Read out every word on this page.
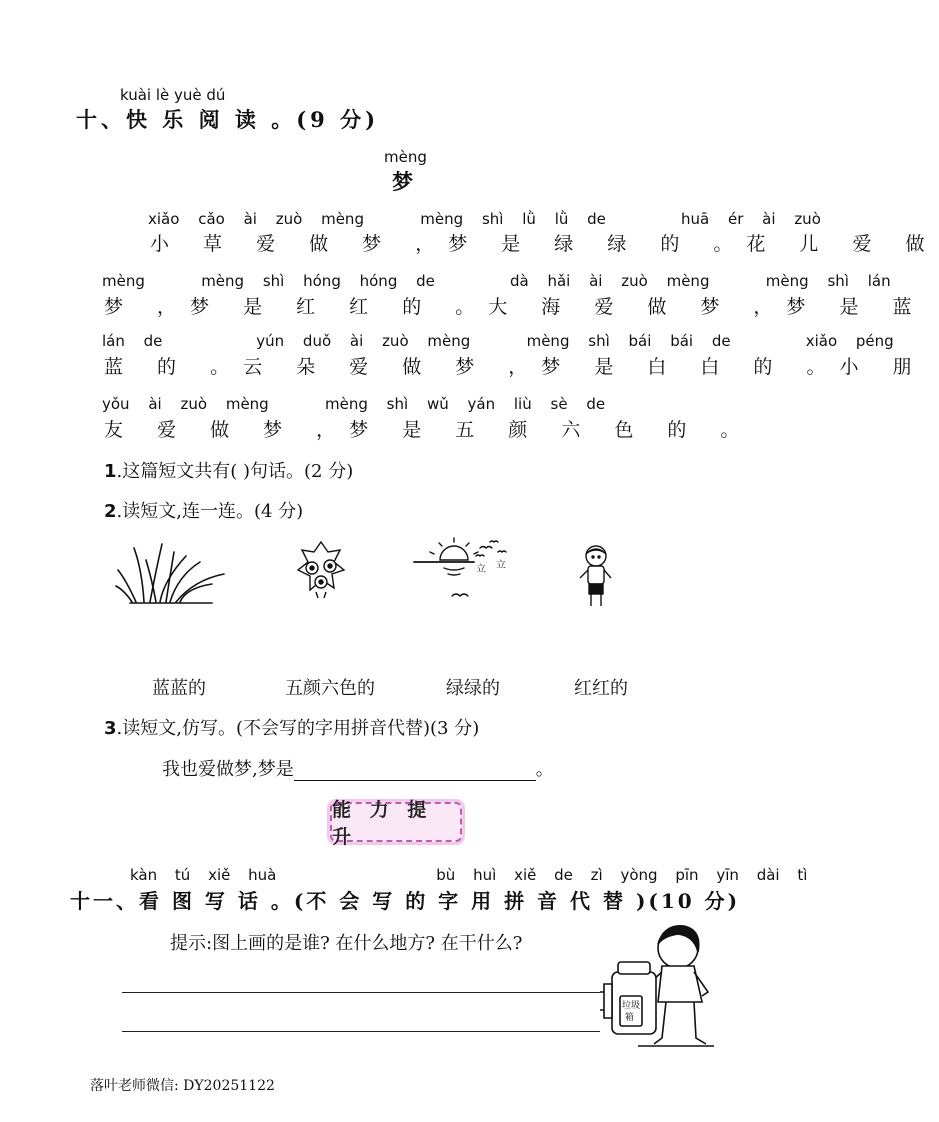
kuài lè yuè dú
十、快 乐 阅 读 。(9 分)
mèng
梦
xiǎo cǎo ài zuò mèng	mèng shì lǜ lǜ de	huā ér ài zuò
小 草 爱 做 梦 ，梦 是 绿 绿 的 。花 儿 爱 做
mèng	mèng shì hóng hóng de	dà hǎi ài zuò mèng	mèng shì lán
梦 ，梦 是 红 红 的 。大 海 爱 做 梦 ，梦 是 蓝
lán de	yún duǒ ài zuò mèng	mèng shì bái bái de	xiǎo péng
蓝 的 。云 朵 爱 做 梦 ，梦 是 白 白 的 。小 朋
yǒu ài zuò mèng	mèng shì wǔ yán liù sè de
友 爱 做 梦 ，梦 是 五 颜 六 色 的 。
1.这篇短文共有( )句话。(2 分)
2.读短文,连一连。(4 分)
立 立
蓝蓝的	五颜六色的	绿绿的	红红的
3.读短文,仿写。(不会写的字用拼音代替)(3 分)
我也爱做梦,梦是	。
能 力 提 升
kàn tú xiě huà	bù huì xiě de zì yòng pīn yīn dài tì
十一、看 图 写 话 。(不 会 写 的 字 用 拼 音 代 替 )(10 分)
提示:图上画的是谁? 在什么地方? 在干什么?
垃圾
箱
落叶老师微信: DY20251122
